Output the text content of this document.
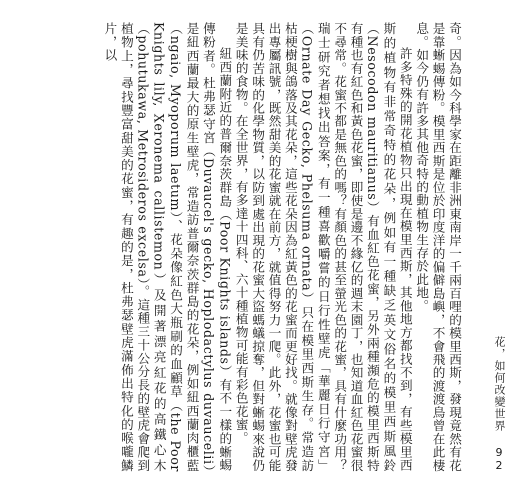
奇。因為如今科學家在距離非洲東南岸一千兩百哩的模里西斯，發現竟然有花是靠蜥蜴傳粉。模里西斯是位於印度洋的偏僻島嶼，不會飛的渡渡鳥曾在此棲息。如今仍有許多其他奇特的動植物生存於此地。

許多特殊的開花植物只出現在模里西斯，其他地方都找不到，有些模里西斯的植物有非常奇特的花朵，例如有一種缺乏英文俗名的模里西斯風鈴（Nesocodon mauritianus）有血紅色花蜜，另外兩種瀕危的模里西斯特有種也有紅色和黃色花蜜，即使是邊不緣亿的週末園丁，也知道血紅色花蜜很不尋常。花蜜不都是無色的嗎？有顏色的甚至螢光色的花蜜，具有什麼功用？瑞士研究者想找出答案，有一種喜歡嚼嘗的日行性壁虎「華麗日行守宮」（Ornate Day Gecko, Phelsuma ornata）只在模里西斯生存。常造訪枯梗樹與鴿落及其花朵，這些花朵因為紅黃色的花蜜而更好找。就像對壁虎發出專屬訊號，既然甜美的花蜜就在前方，就值得努力一爬。此外，花蜜也可能具有仍苦味的化學物質，以防到處出現的花蜜大盜螞蟻掠奪，但對蜥蜴來說仍是美味的食物。在全世界，有多達十四科、六十種植物可能有彩色花蜜。

紐西蘭附近的普爾奈茨群島（Poor Knights islands）有不一樣的蜥蜴傳粉者。杜弗瑟守宮（Duvaucel's gecko, Hoplodactylus duvaucelii）是紐西蘭最大的原生壁虎，常造訪普爾奈茨群島的花朵，例如紐西蘭肉櫃藍（ngaio, Myoporum laetum）、花朵像紅色大瓶刷的血顧草（the Poor Knights lily, Xeronema callistemon）及開著漂亮紅花的高鐵心木（pohutukawa, Metrosideros excelsa）。這種三十公分長的壁虎會爬到植物上，尋找豐富甜美的花蜜，有趣的是，杜弗瑟壁虎滿佈出特化的喉嚨鱗片，以

花，如何改變世界
92
